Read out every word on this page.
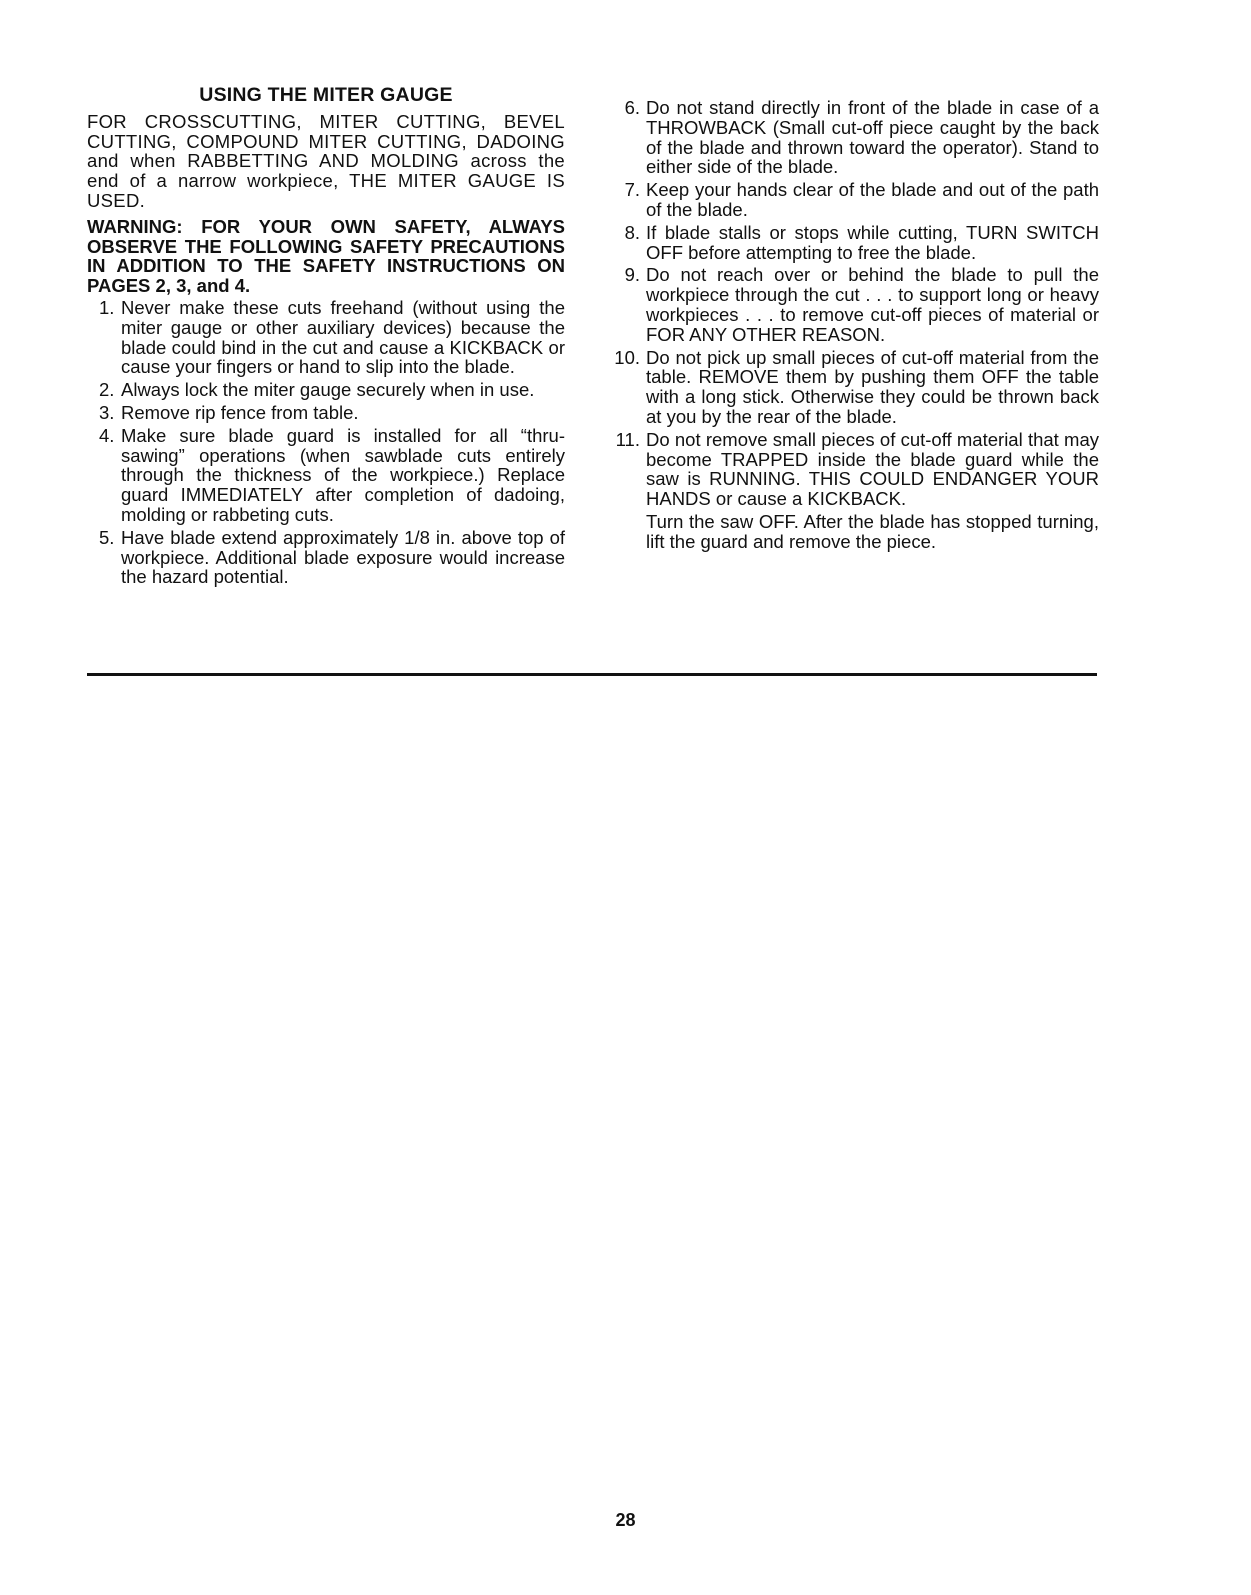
USING THE MITER GAUGE

FOR CROSSCUTTING, MITER CUTTING, BEVEL CUTTING, COMPOUND MITER CUTTING, DADOING and when RABBETTING AND MOLDING across the end of a narrow workpiece, THE MITER GAUGE IS USED.

WARNING: FOR YOUR OWN SAFETY, ALWAYS OBSERVE THE FOLLOWING SAFETY PRECAUTIONS IN ADDITION TO THE SAFETY INSTRUCTIONS ON PAGES 2, 3, and 4.

1. Never make these cuts freehand (without using the miter gauge or other auxiliary devices) because the blade could bind in the cut and cause a KICKBACK or cause your fingers or hand to slip into the blade.
2. Always lock the miter gauge securely when in use.
3. Remove rip fence from table.
4. Make sure blade guard is installed for all “thru-sawing” operations (when sawblade cuts entirely through the thickness of the workpiece.) Replace guard IMMEDIATELY after completion of dadoing, molding or rabbeting cuts.
5. Have blade extend approximately 1/8 in. above top of workpiece. Additional blade exposure would increase the hazard potential.
6. Do not stand directly in front of the blade in case of a THROWBACK (Small cut-off piece caught by the back of the blade and thrown toward the operator). Stand to either side of the blade.
7. Keep your hands clear of the blade and out of the path of the blade.
8. If blade stalls or stops while cutting, TURN SWITCH OFF before attempting to free the blade.
9. Do not reach over or behind the blade to pull the workpiece through the cut . . . to support long or heavy workpieces . . . to remove cut-off pieces of material or FOR ANY OTHER REASON.
10. Do not pick up small pieces of cut-off material from the table. REMOVE them by pushing them OFF the table with a long stick. Otherwise they could be thrown back at you by the rear of the blade.
11. Do not remove small pieces of cut-off material that may become TRAPPED inside the blade guard while the saw is RUNNING. THIS COULD ENDANGER YOUR HANDS or cause a KICKBACK.

Turn the saw OFF. After the blade has stopped turning, lift the guard and remove the piece.

28
